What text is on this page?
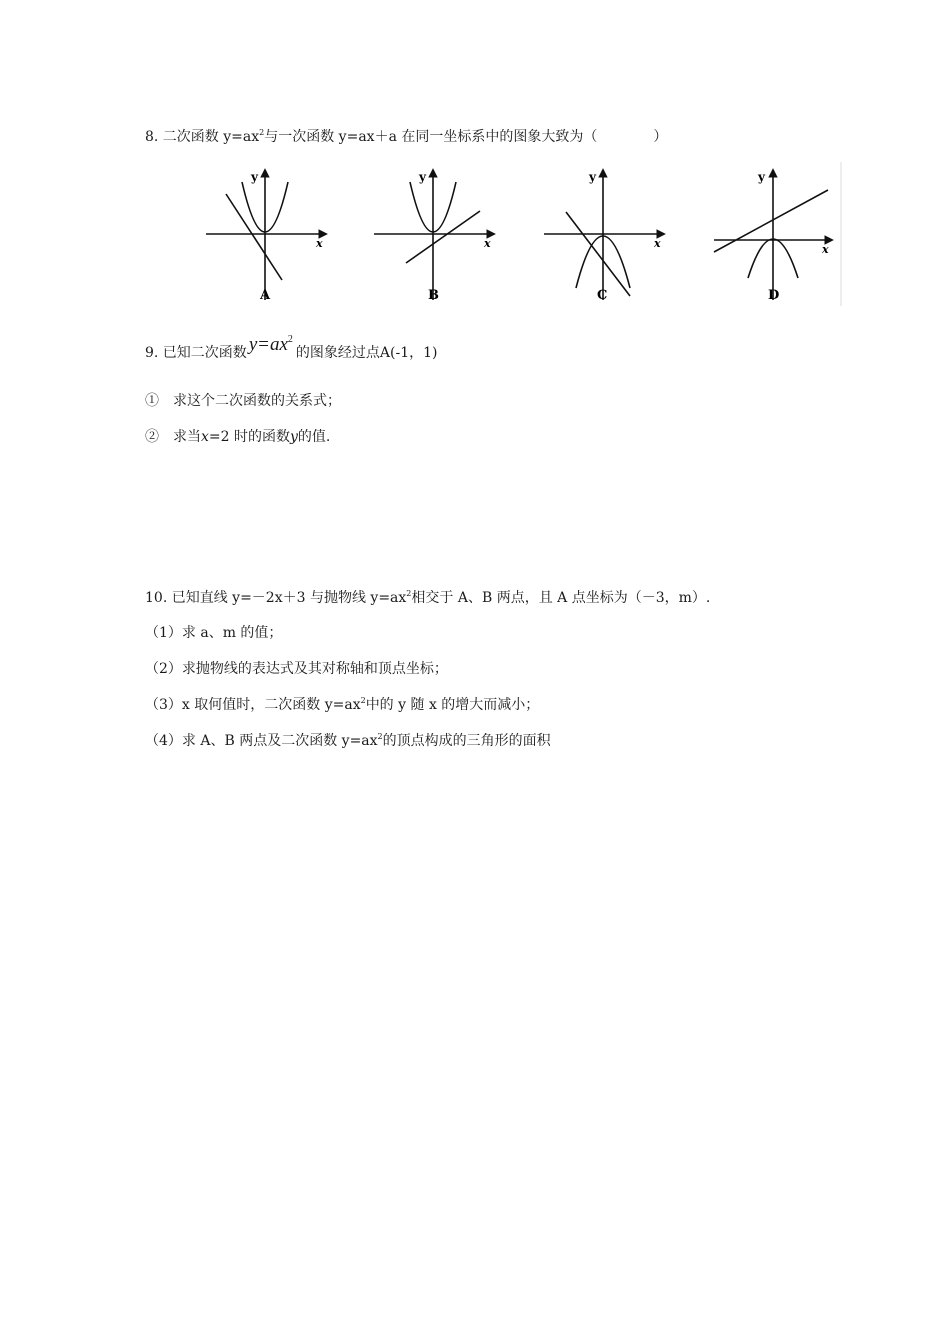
8. 二次函数 $y=ax^2$与一次函数 y=ax＋a 在同一坐标系中的图象大致为（　　　　	）
y
x
A
y
x
B
y
x
C
y
x
D
9. 已知二次函数 $y=ax^2$的图象经过点A(-1，1)
①　求这个二次函数的关系式；
②　求当x=2 时的函数y的值.
10. 已知直线 y=－2x＋3 与抛物线 $y=ax^2$相交于 A、B 两点，且 A 点坐标为（－3，m）.
（1）求 a、m 的值；
（2）求抛物线的表达式及其对称轴和顶点坐标；
（3）x 取何值时，二次函数 $y=ax^2$中的 y 随 x 的增大而减小；
（4）求 A、B 两点及二次函数 $y=ax^2$的顶点构成的三角形的面积
